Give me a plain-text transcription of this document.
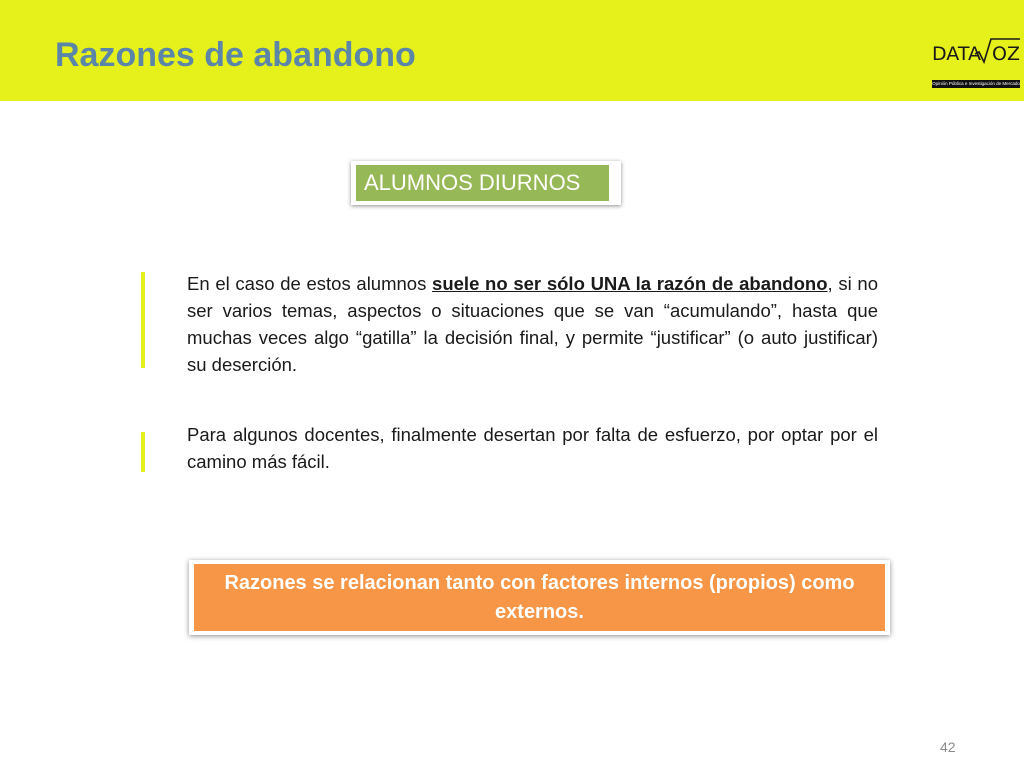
Razones de abandono	DATA OZ
Opinión Pública e Investigación de Mercado
ALUMNOS DIURNOS
En el caso de estos alumnos suele no ser sólo UNA la razón de abandono, si no ser varios temas, aspectos o situaciones que se van “acumulando”, hasta que muchas veces algo “gatilla” la decisión final, y permite “justificar” (o auto justificar) su deserción.
Para algunos docentes, finalmente desertan por falta de esfuerzo, por optar por el camino más fácil.
Razones se relacionan tanto con factores internos (propios) como externos.
42
